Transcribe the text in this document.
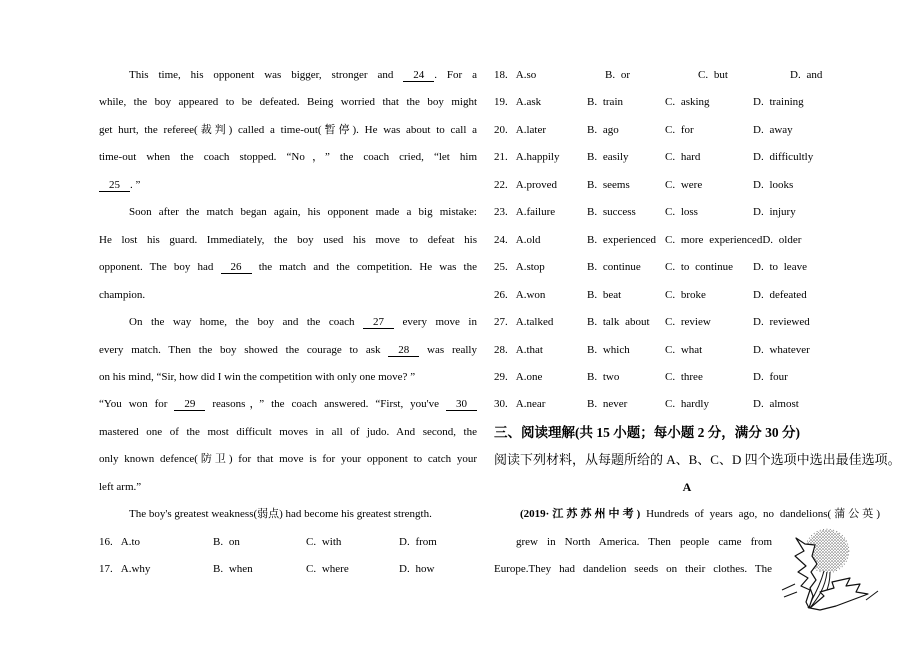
This time, his opponent was bigger, stronger and 24 . For a
while, the boy appeared to be defeated. Being worried that the boy might
get hurt, the referee(裁判) called a time-out(暂停). He was about to call a
time-out when the coach stopped. “No，” the coach cried, “let him
25 . ”
Soon after the match began again, his opponent made a big mistake:
He lost his guard. Immediately, the boy used his move to defeat his
opponent. The boy had 26 the match and the competition. He was the
champion.
On the way home, the boy and the coach 27 every move in
every match. Then the boy showed the courage to ask 28 was really
on his mind, “Sir, how did I win the competition with only one move? ”
“You won for 29 reasons，” the coach answered. “First, you've 30
mastered one of the most difficult moves in all of judo. And second, the
only known defence(防卫) for that move is for your opponent to catch your
left arm.”
The boy's greatest weakness(弱点) had become his greatest strength.
16. A.to	B. on	C. with	D. from
17. A.why	B. when	C. where	D. how
18. A.so	B. or	C. but	D. and
19. A.ask	B. train	C. asking	D. training
20. A.later	B. ago	C. for	D. away
21. A.happily	B. easily	C. hard	D. difficultly
22. A.proved	B. seems	C. were	D. looks
23. A.failure	B. success	C. loss	D. injury
24. A.old	B. experienced C. more experienced D. older
25. A.stop	B. continue	C. to continue	D. to leave
26. A.won	B. beat	C. broke	D. defeated
27. A.talked	B. talk about	C. review	D. reviewed
28. A.that	B. which	C. what	D. whatever
29. A.one	B. two	C. three	D. four
30. A.near	B. never	C. hardly	D. almost
三、阅读理解(共 15 小题；每小题 2 分，满分 30 分)
阅读下列材料，从每题所给的 A、B、C、D 四个选项中选出最佳选项。
A
(2019·江苏苏州中考) Hundreds of years ago, no dandelions(蒲公英)
grew in North America. Then people came from
Europe.They had dandelion seeds on their clothes. The
